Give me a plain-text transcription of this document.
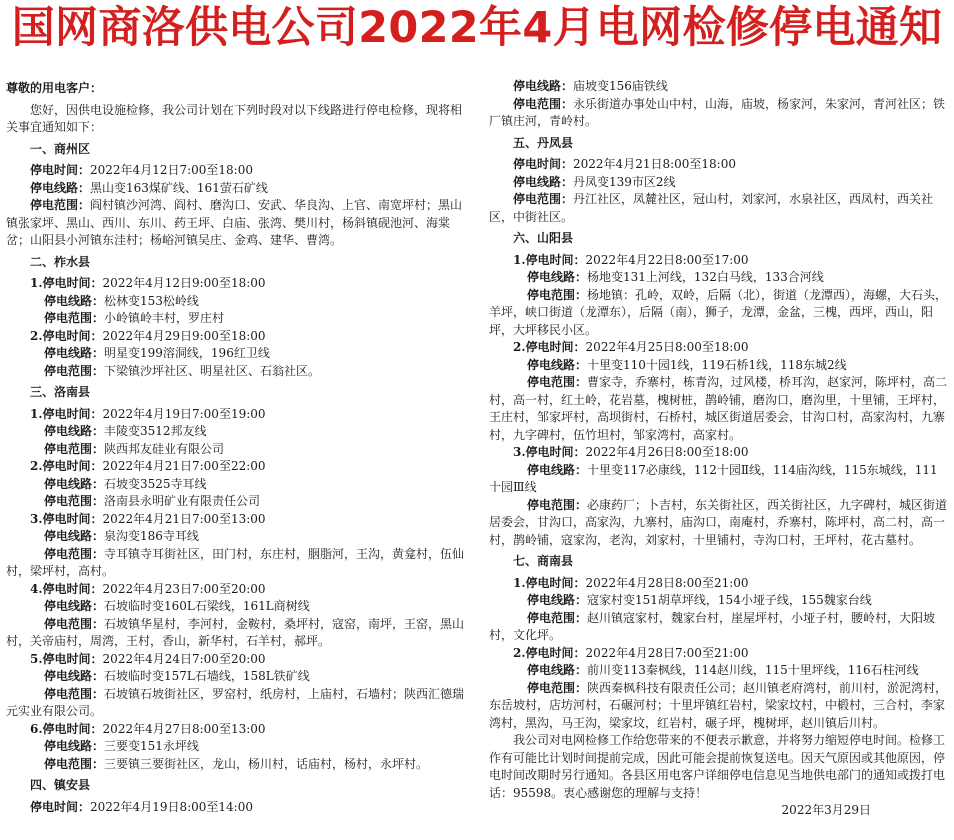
国网商洛供电公司2022年4月电网检修停电通知

尊敬的用电客户：

您好，因供电设施检修，我公司计划在下列时段对以下线路进行停电检修，现将相关事宜通知如下：

一、商州区

停电时间：2022年4月12日7:00至18:00

停电线路：黑山变163煤矿线、161萤石矿线

停电范围：阎村镇沙河湾、阎村、磨沟口、安武、华良沟、上官、南宽坪村；黑山镇张家坪、黑山、西川、东川、药王坪、白庙、张湾、樊川村，杨斜镇砚池河、海棠岔；山阳县小河镇东洼村；杨峪河镇吴庄、金鸡、建华、曹湾。

二、柞水县

1.停电时间：2022年4月12日9:00至18:00

停电线路：松林变153松岭线

停电范围：小岭镇岭丰村，罗庄村

2.停电时间：2022年4月29日9:00至18:00

停电线路：明星变199溶洞线，196红卫线

停电范围：下梁镇沙坪社区、明星社区、石翁社区。

三、洛南县

1.停电时间：2022年4月19日7:00至19:00

停电线路：丰陵变3512邦友线

停电范围：陕西邦友硅业有限公司

2.停电时间：2022年4月21日7:00至22:00

停电线路：石坡变3525寺耳线

停电范围：洛南县永明矿业有限责任公司

3.停电时间：2022年4月21日7:00至13:00

停电线路：泉沟变186寺耳线

停电范围：寺耳镇寺耳街社区，田门村，东庄村，胭脂河，王沟，黄龛村，伍仙村，梁坪村，高村。

4.停电时间：2022年4月23日7:00至20:00

停电线路：石坡临时变160L石梁线，161L商树线

停电范围：石坡镇华星村，李河村，金鞍村，桑坪村，寇窑，南坪，王窑，黑山村，关帝庙村，周湾，王村，香山，新华村，石羊村，郝坪。

5.停电时间：2022年4月24日7:00至20:00

停电线路：石坡临时变157L石墙线，158L铁矿线

停电范围：石坡镇石坡街社区，罗窑村，纸房村，上庙村，石墙村；陕西汇德瑞元实业有限公司。

6.停电时间：2022年4月27日8:00至13:00

停电线路：三要变151永坪线

停电范围：三要镇三要街社区，龙山，杨川村，话庙村，杨村，永坪村。

四、镇安县

停电时间：2022年4月19日8:00至14:00

停电线路：庙坡变156庙铁线

停电范围：永乐街道办事处山中村，山海，庙坡，杨家河，朱家河，青河社区；铁厂镇庄河，青岭村。

五、丹凤县

停电时间：2022年4月21日8:00至18:00

停电线路：丹凤变139市区2线

停电范围：丹江社区，凤麓社区，冠山村，刘家河，水泉社区，西凤村，西关社区，中街社区。

六、山阳县

1.停电时间：2022年4月22日8:00至17:00

停电线路：杨地变131上河线，132白马线，133合河线

停电范围：杨地镇：孔岭，双岭，后隔（北），街道（龙潭西），海螺，大石头，羊坪，峡口街道（龙潭东），后隔（南），狮子，龙潭，金盆，三槐，西坪，西山，阳坪，大坪移民小区。

2.停电时间：2022年4月25日8:00至18:00

停电线路：十里变110十园1线，119石桥1线，118东城2线

停电范围：曹家寺，乔寨村，栋青沟，过风楼，桥耳沟，赵家河，陈坪村，高二村，高一村，红土岭，花岩墓，槐树桩，鹊岭铺，磨沟口，磨沟里，十里铺，王坪村，王庄村，邹家坪村，高坝街村，石桥村，城区街道居委会，甘沟口村，高家沟村，九寨村，九字碑村，伍竹坦村，邹家湾村，高家村。

3.停电时间：2022年4月26日8:00至18:00

停电线路：十里变117必康线，112十园Ⅱ线，114庙沟线，115东城线，111十园Ⅲ线

停电范围：必康药厂；卜吉村，东关街社区，西关街社区，九字碑村，城区街道居委会，甘沟口，高家沟，九寨村，庙沟口，南庵村，乔寨村，陈坪村，高二村，高一村，鹊岭铺，寇家沟，老沟，刘家村，十里铺村，寺沟口村，王坪村，花古墓村。

七、商南县

1.停电时间：2022年4月28日8:00至21:00

停电线路：寇家村变151胡草坪线，154小垭子线，155魏家台线

停电范围：赵川镇寇家村，魏家台村，崖屋坪村，小垭子村，腰岭村，大阳坡村，文化坪。

2.停电时间：2022年4月28日7:00至21:00

停电线路：前川变113秦枫线，114赵川线，115十里坪线，116石柱河线

停电范围：陕西秦枫科技有限责任公司；赵川镇老府湾村，前川村，淤泥湾村，东岳坡村，店坊河村，石碾河村；十里坪镇红岩村，梁家坟村，中椴村，三合村，李家湾村，黑沟，马王沟，梁家坟，红岩村，碾子坪，槐树坪，赵川镇后川村。

我公司对电网检修工作给您带来的不便表示歉意，并将努力缩短停电时间。检修工作有可能比计划时间提前完成，因此可能会提前恢复送电。因天气原因或其他原因，停电时间改期时另行通知。各县区用电客户详细停电信息见当地供电部门的通知或拨打电话：95598。衷心感谢您的理解与支持！

2022年3月29日
